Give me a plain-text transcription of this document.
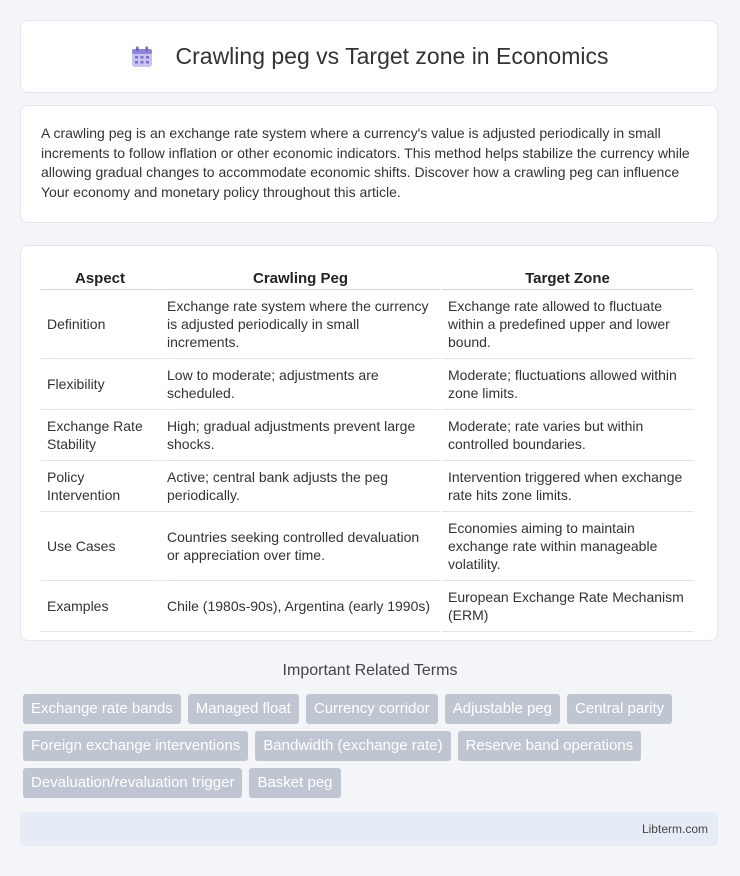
Crawling peg vs Target zone in Economics

A crawling peg is an exchange rate system where a currency's value is adjusted periodically in small increments to follow inflation or other economic indicators. This method helps stabilize the currency while allowing gradual changes to accommodate economic shifts. Discover how a crawling peg can influence Your economy and monetary policy throughout this article.

Aspect	Crawling Peg	Target Zone
Definition	Exchange rate system where the currency is adjusted periodically in small increments.	Exchange rate allowed to fluctuate within a predefined upper and lower bound.
Flexibility	Low to moderate; adjustments are scheduled.	Moderate; fluctuations allowed within zone limits.
Exchange Rate Stability	High; gradual adjustments prevent large shocks.	Moderate; rate varies but within controlled boundaries.
Policy Intervention	Active; central bank adjusts the peg periodically.	Intervention triggered when exchange rate hits zone limits.
Use Cases	Countries seeking controlled devaluation or appreciation over time.	Economies aiming to maintain exchange rate within manageable volatility.
Examples	Chile (1980s-90s), Argentina (early 1990s)	European Exchange Rate Mechanism (ERM)
Important Related Terms
Exchange rate bands	Managed float	Currency corridor	Adjustable peg	Central parity
Foreign exchange interventions	Bandwidth (exchange rate)	Reserve band operations
Devaluation/revaluation trigger	Basket peg
Libterm.com
